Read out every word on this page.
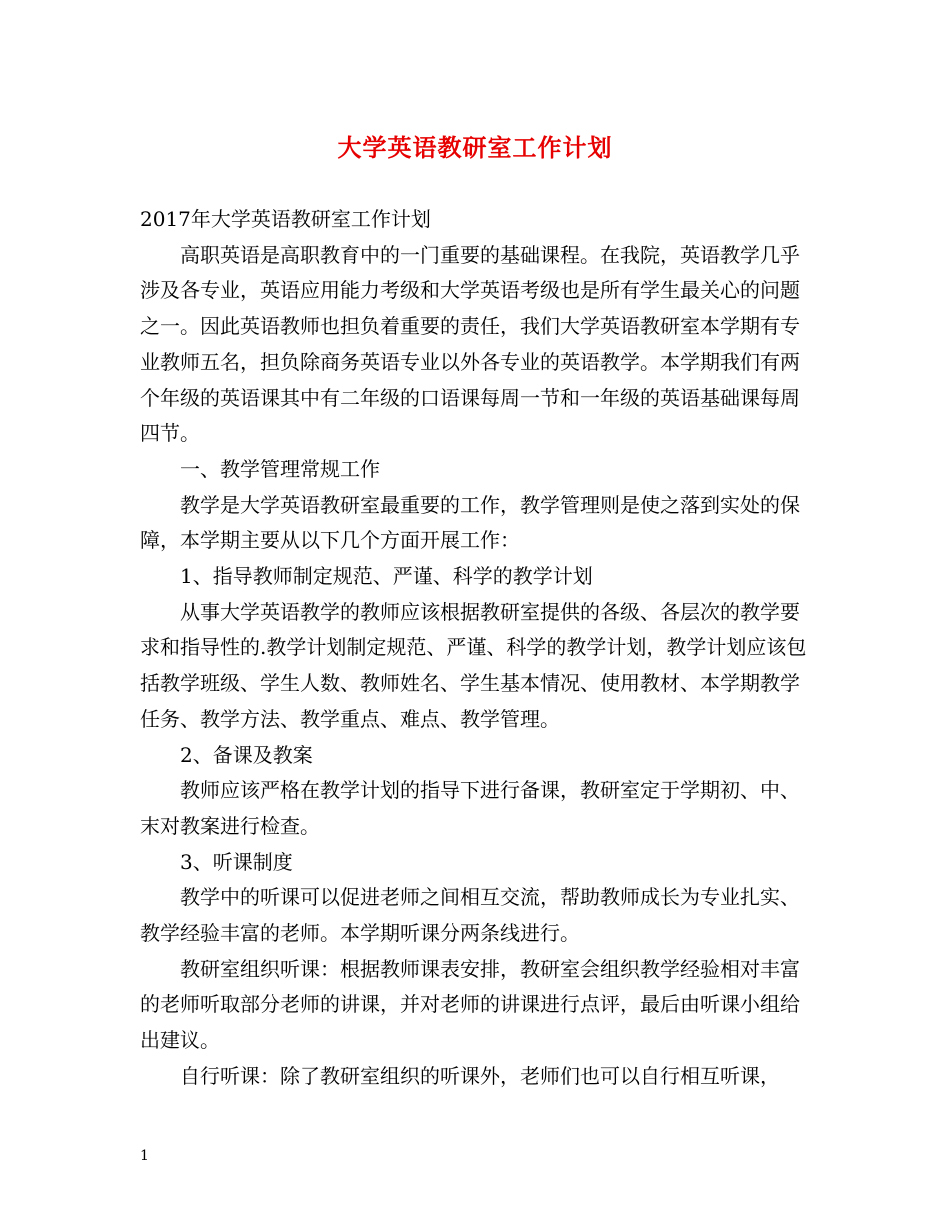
大学英语教研室工作计划

2017年大学英语教研室工作计划

高职英语是高职教育中的一门重要的基础课程。在我院，英语教学几乎涉及各专业，英语应用能力考级和大学英语考级也是所有学生最关心的问题之一。因此英语教师也担负着重要的责任，我们大学英语教研室本学期有专业教师五名，担负除商务英语专业以外各专业的英语教学。本学期我们有两个年级的英语课其中有二年级的口语课每周一节和一年级的英语基础课每周四节。

一、教学管理常规工作

教学是大学英语教研室最重要的工作，教学管理则是使之落到实处的保障，本学期主要从以下几个方面开展工作：

1、指导教师制定规范、严谨、科学的教学计划

从事大学英语教学的教师应该根据教研室提供的各级、各层次的教学要求和指导性的.教学计划制定规范、严谨、科学的教学计划，教学计划应该包括教学班级、学生人数、教师姓名、学生基本情况、使用教材、本学期教学任务、教学方法、教学重点、难点、教学管理。

2、备课及教案

教师应该严格在教学计划的指导下进行备课，教研室定于学期初、中、末对教案进行检查。

3、听课制度

教学中的听课可以促进老师之间相互交流，帮助教师成长为专业扎实、教学经验丰富的老师。本学期听课分两条线进行。

教研室组织听课：根据教师课表安排，教研室会组织教学经验相对丰富的老师听取部分老师的讲课，并对老师的讲课进行点评，最后由听课小组给出建议。

自行听课：除了教研室组织的听课外，老师们也可以自行相互听课，

1
